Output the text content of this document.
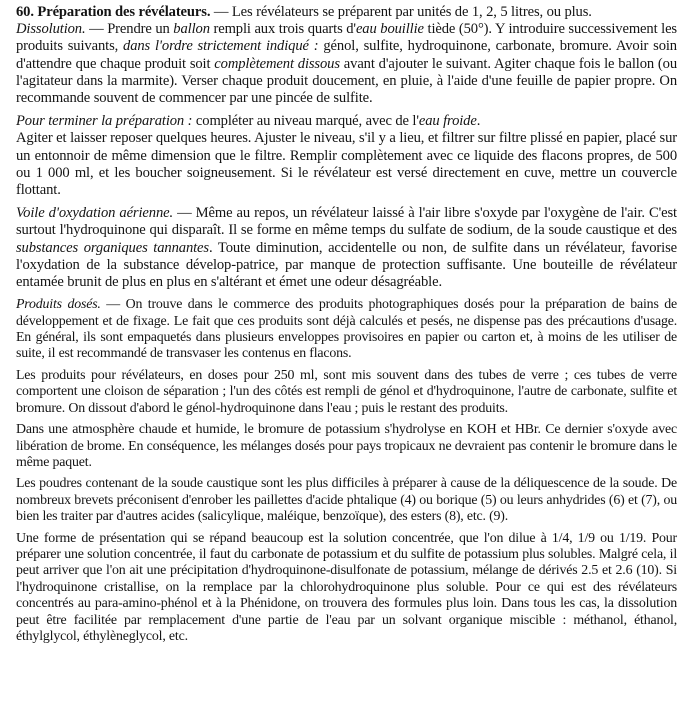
60. Préparation des révélateurs. — Les révélateurs se préparent par unités de 1, 2, 5 litres, ou plus.
Dissolution. — Prendre un ballon rempli aux trois quarts d'eau bouillie tiède (50°). Y introduire successivement les produits suivants, dans l'ordre strictement indiqué : génol, sulfite, hydroquinone, carbonate, bromure. Avoir soin d'attendre que chaque produit soit complètement dissous avant d'ajouter le suivant. Agiter chaque fois le ballon (ou l'agitateur dans la marmite). Verser chaque produit doucement, en pluie, à l'aide d'une feuille de papier propre. On recommande souvent de commencer par une pincée de sulfite.

Pour terminer la préparation : compléter au niveau marqué, avec de l'eau froide.
Agiter et laisser reposer quelques heures. Ajuster le niveau, s'il y a lieu, et filtrer sur filtre plissé en papier, placé sur un entonnoir de même dimension que le filtre. Remplir complètement avec ce liquide des flacons propres, de 500 ou 1 000 ml, et les boucher soigneusement. Si le révélateur est versé directement en cuve, mettre un couvercle flottant.

Voile d'oxydation aérienne. — Même au repos, un révélateur laissé à l'air libre s'oxyde par l'oxygène de l'air. C'est surtout l'hydroquinone qui disparaît. Il se forme en même temps du sulfate de sodium, de la soude caustique et des substances organiques tannantes. Toute diminution, accidentelle ou non, de sulfite dans un révélateur, favorise l'oxydation de la substance dévelop-patrice, par manque de protection suffisante. Une bouteille de révélateur entamée brunit de plus en plus en s'altérant et émet une odeur désagréable.

Produits dosés. — On trouve dans le commerce des produits photographiques dosés pour la préparation de bains de développement et de fixage. Le fait que ces produits sont déjà calculés et pesés, ne dispense pas des précautions d'usage. En général, ils sont empaquetés dans plusieurs enveloppes provisoires en papier ou carton et, à moins de les utiliser de suite, il est recommandé de transvaser les contenus en flacons.

Les produits pour révélateurs, en doses pour 250 ml, sont mis souvent dans des tubes de verre ; ces tubes de verre comportent une cloison de séparation ; l'un des côtés est rempli de génol et d'hydroquinone, l'autre de carbonate, sulfite et bromure. On dissout d'abord le génol-hydroquinone dans l'eau ; puis le restant des produits.

Dans une atmosphère chaude et humide, le bromure de potassium s'hydrolyse en KOH et HBr. Ce dernier s'oxyde avec libération de brome. En conséquence, les mélanges dosés pour pays tropicaux ne devraient pas contenir le bromure dans le même paquet.

Les poudres contenant de la soude caustique sont les plus difficiles à préparer à cause de la déliquescence de la soude. De nombreux brevets préconisent d'enrober les paillettes d'acide phtalique (4) ou borique (5) ou leurs anhydrides (6) et (7), ou bien les traiter par d'autres acides (salicylique, maléique, benzoïque), des esters (8), etc. (9).

Une forme de présentation qui se répand beaucoup est la solution concentrée, que l'on dilue à 1/4, 1/9 ou 1/19. Pour préparer une solution concentrée, il faut du carbonate de potassium et du sulfite de potassium plus solubles. Malgré cela, il peut arriver que l'on ait une précipitation d'hydroquinone-disulfonate de potassium, mélange de dérivés 2.5 et 2.6 (10). Si l'hydroquinone cristallise, on la remplace par la chlorohydroquinone plus soluble. Pour ce qui est des révélateurs concentrés au para-amino-phénol et à la Phénidone, on trouvera des formules plus loin. Dans tous les cas, la dissolution peut être facilitée par remplacement d'une partie de l'eau par un solvant organique miscible : méthanol, éthanol, éthylglycol, éthylèneglycol, etc.
